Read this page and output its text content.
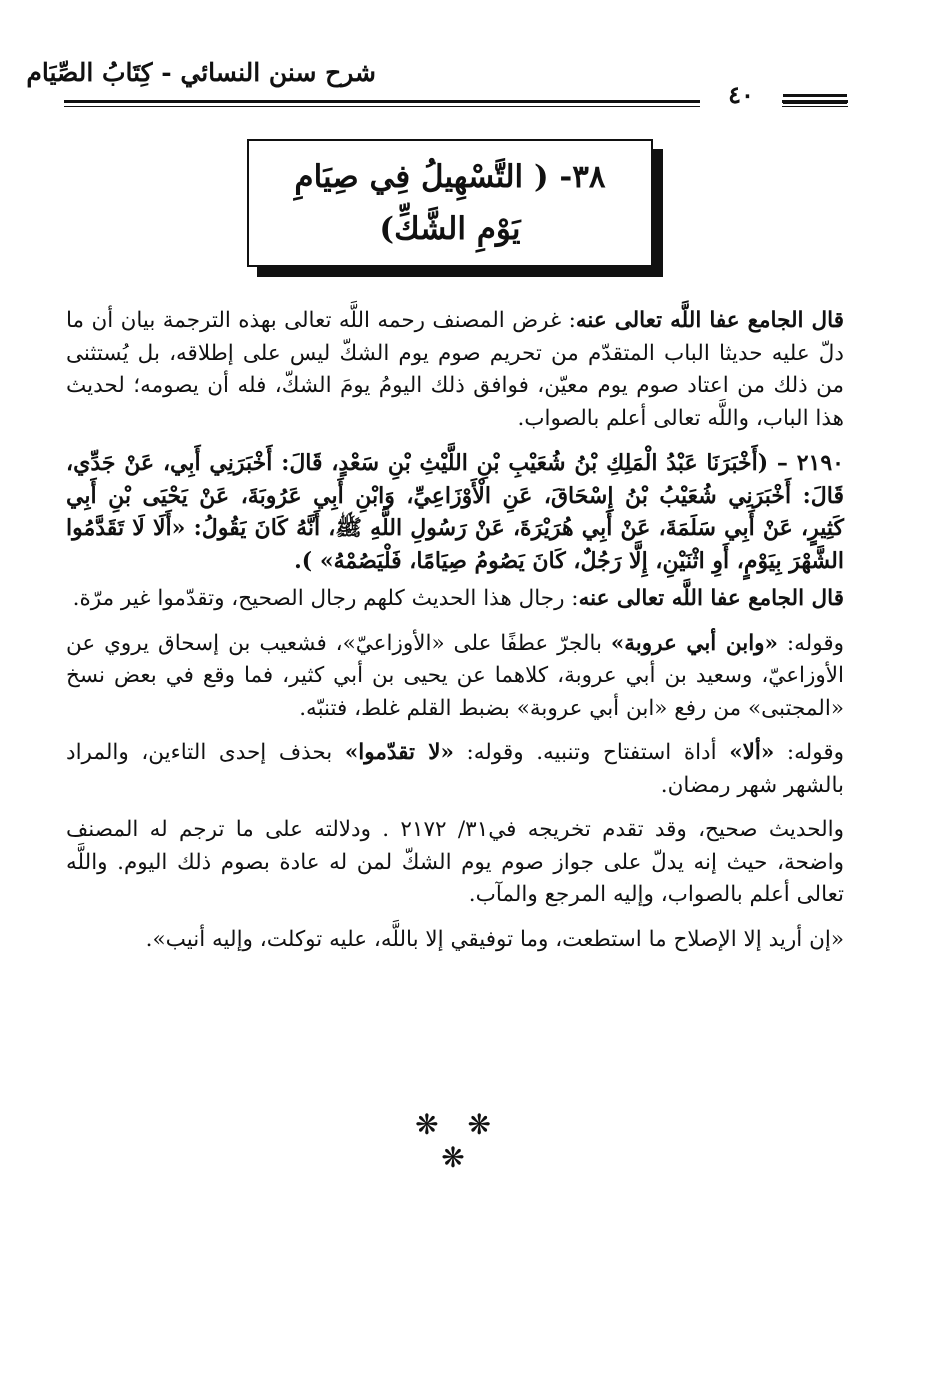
شرح سنن النسائي - كِتَابُ الصِّيَام
٤٠
٣٨- ( التَّسْهِيلُ فِي صِيَامِ يَوْمِ الشَّكِّ)

قال الجامع عفا اللَّه تعالى عنه: غرض المصنف رحمه اللَّه تعالى بهذه الترجمة بيان أن ما دلّ عليه حديثا الباب المتقدّم من تحريم صوم يوم الشكّ ليس على إطلاقه، بل يُستثنى من ذلك من اعتاد صوم يوم معيّن، فوافق ذلك اليومُ يومَ الشكّ، فله أن يصومه؛ لحديث هذا الباب، واللَّه تعالى أعلم بالصواب.

٢١٩٠ – (أَخْبَرَنَا عَبْدُ الْمَلِكِ بْنُ شُعَيْبِ بْنِ اللَّيْثِ بْنِ سَعْدٍ، قَالَ: أَخْبَرَنِي أَبِي، عَنْ جَدِّي، قَالَ: أَخْبَرَنِي شُعَيْبُ بْنُ إِسْحَاقَ، عَنِ الْأَوْزَاعِيِّ، وَابْنِ أَبِي عَرُوبَةَ، عَنْ يَحْيَى بْنِ أَبِي كَثِيرٍ، عَنْ أَبِي سَلَمَةَ، عَنْ أَبِي هُرَيْرَةَ، عَنْ رَسُولِ اللَّهِ ﷺ، أَنَّهُ كَانَ يَقُولُ: «أَلَا لَا تَقَدَّمُوا الشَّهْرَ بِيَوْمٍ، أَوِ اثْنَيْنِ، إِلَّا رَجُلٌ، كَانَ يَصُومُ صِيَامًا، فَلْيَصُمْهُ» ).

قال الجامع عفا اللَّه تعالى عنه: رجال هذا الحديث كلهم رجال الصحيح، وتقدّموا غير مرّة.

وقوله: «وابن أبي عروبة» بالجرّ عطفًا على «الأوزاعيّ»، فشعيب بن إسحاق يروي عن الأوزاعيّ، وسعيد بن أبي عروبة، كلاهما عن يحيى بن أبي كثير، فما وقع في بعض نسخ «المجتبى» من رفع «ابن أبي عروبة» بضبط القلم غلط، فتنبّه.

وقوله: «ألا» أداة استفتاح وتنبيه. وقوله: «لا تقدّموا» بحذف إحدى التاءين، والمراد بالشهر شهر رمضان.

والحديث صحيح، وقد تقدم تخريجه في٣١/ ٢١٧٢ . ودلالته على ما ترجم له المصنف واضحة، حيث إنه يدلّ على جواز صوم يوم الشكّ لمن له عادة بصوم ذلك اليوم. واللَّه تعالى أعلم بالصواب، وإليه المرجع والمآب.

«إن أريد إلا الإصلاح ما استطعت، وما توفيقي إلا باللَّه، عليه توكلت، وإليه أنيب».

❋ ❋ ❋
